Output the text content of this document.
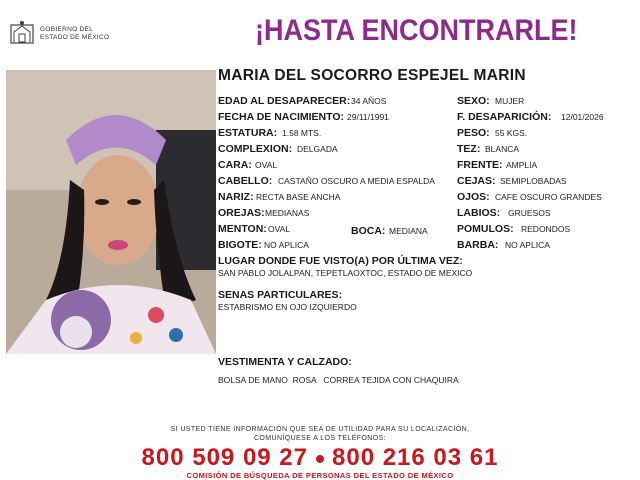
GOBIERNO DEL
ESTADO DE MÉXICO	¡HASTA ENCONTRARLE!
MARIA DEL SOCORRO ESPEJEL MARIN
EDAD AL DESAPARECER: 34 AÑOS
FECHA DE NACIMIENTO: 29/11/1991
ESTATURA: 1.58 MTS.
COMPLEXION: DELGADA
CARA: OVAL
CABELLO: CASTAÑO OSCURO A MEDIA ESPALDA
NARIZ: RECTA BASE ANCHA
OREJAS: MEDIANAS
MENTON: OVAL	BOCA: MEDIANA
BIGOTE: NO APLICA
SEXO: MUJER
F. DESAPARICIÓN: 12/01/2026
PESO: 55 KGS.
TEZ: BLANCA
FRENTE: AMPLIA
CEJAS: SEMIPLOBADAS
OJOS: CAFE OSCURO GRANDES
LABIOS: GRUESOS
POMULOS: REDONDOS
BARBA: NO APLICA
LUGAR DONDE FUE VISTO(A) POR ÚLTIMA VEZ:
SAN PABLO JOLALPAN, TEPETLAOXTOC, ESTADO DE MEXICO
SENAS PARTICULARES:
ESTABRISMO EN OJO IZQUIERDO
VESTIMENTA Y CALZADO:
BOLSA DE MANO  ROSA   CORREA TEJIDA CON CHAQUIRA
SI USTED TIENE INFORMACIÓN QUE SEA DE UTILIDAD PARA SU LOCALIZACIÓN,
COMUNÍQUESE A LOS TELÉFONOS:
800 509 09 27 800 216 03 61
COMISIÓN DE BÚSQUEDA DE PERSONAS DEL ESTADO DE MÉXICO
